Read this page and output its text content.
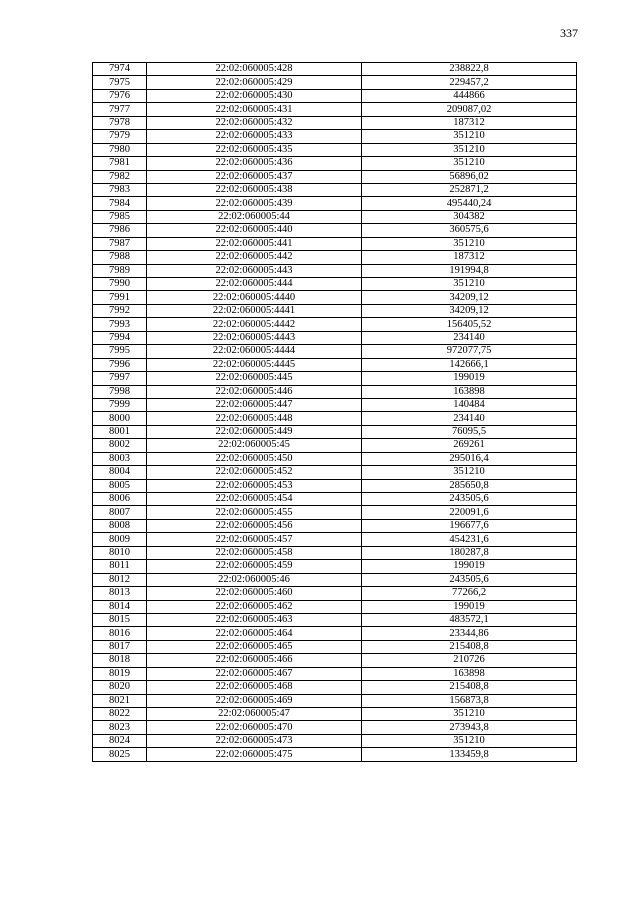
337
7974	22:02:060005:428	238822,8
7975	22:02:060005:429	229457,2
7976	22:02:060005:430	444866
7977	22:02:060005:431	209087,02
7978	22:02:060005:432	187312
7979	22:02:060005:433	351210
7980	22:02:060005:435	351210
7981	22:02:060005:436	351210
7982	22:02:060005:437	56896,02
7983	22:02:060005:438	252871,2
7984	22:02:060005:439	495440,24
7985	22:02:060005:44	304382
7986	22:02:060005:440	360575,6
7987	22:02:060005:441	351210
7988	22:02:060005:442	187312
7989	22:02:060005:443	191994,8
7990	22:02:060005:444	351210
7991	22:02:060005:4440	34209,12
7992	22:02:060005:4441	34209,12
7993	22:02:060005:4442	156405,52
7994	22:02:060005:4443	234140
7995	22:02:060005:4444	972077,75
7996	22:02:060005:4445	142666,1
7997	22:02:060005:445	199019
7998	22:02:060005:446	163898
7999	22:02:060005:447	140484
8000	22:02:060005:448	234140
8001	22:02:060005:449	76095,5
8002	22:02:060005:45	269261
8003	22:02:060005:450	295016,4
8004	22:02:060005:452	351210
8005	22:02:060005:453	285650,8
8006	22:02:060005:454	243505,6
8007	22:02:060005:455	220091,6
8008	22:02:060005:456	196677,6
8009	22:02:060005:457	454231,6
8010	22:02:060005:458	180287,8
8011	22:02:060005:459	199019
8012	22:02:060005:46	243505,6
8013	22:02:060005:460	77266,2
8014	22:02:060005:462	199019
8015	22:02:060005:463	483572,1
8016	22:02:060005:464	23344,86
8017	22:02:060005:465	215408,8
8018	22:02:060005:466	210726
8019	22:02:060005:467	163898
8020	22:02:060005:468	215408,8
8021	22:02:060005:469	156873,8
8022	22:02:060005:47	351210
8023	22:02:060005:470	273943,8
8024	22:02:060005:473	351210
8025	22:02:060005:475	133459,8
